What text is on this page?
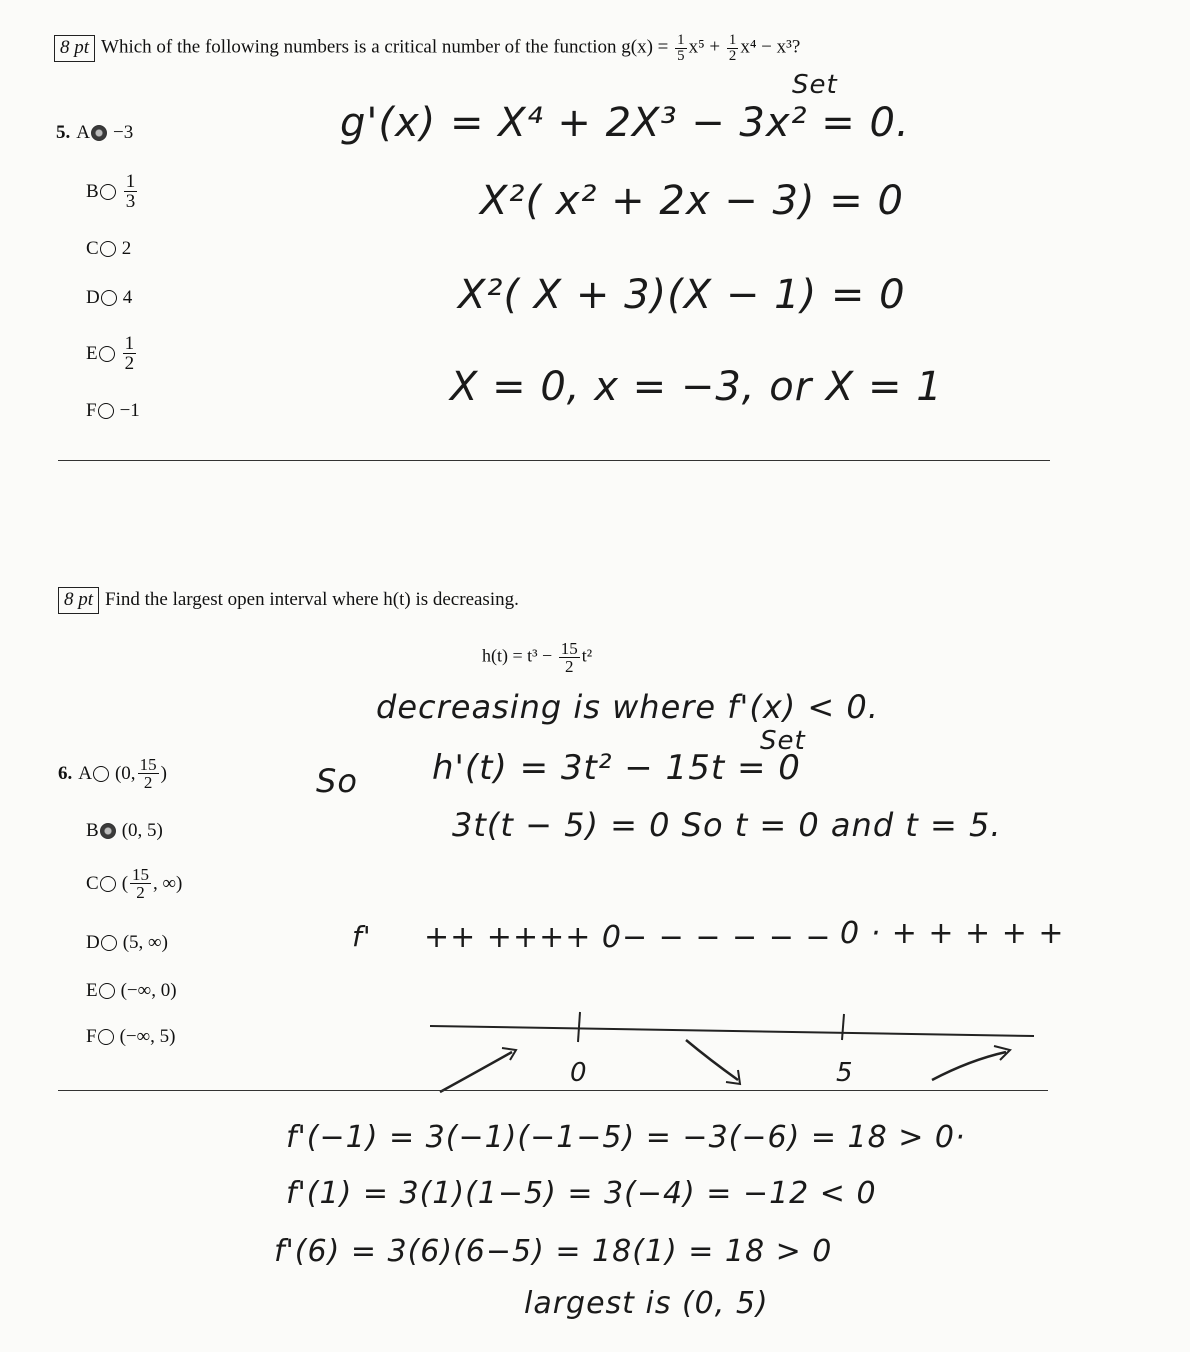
8 pt Which of the following numbers is a critical number of the function $g(x) = \frac{1}{5} x^5 + \frac{1}{2} x^4 - x^3$?
5. A −3
B $\frac{1}{3}$
C 2
D 4
E $\frac{1}{2}$
F −1
Set
g'(x) = X⁴ + 2X³ − 3x² = 0.
X²( x² + 2x − 3) = 0
X²( X + 3)(X − 1) = 0
X = 0, x = −3, or X = 1
8 pt Find the largest open interval where h(t) is decreasing.
$h(t) = t^3 - \frac{15}{2} t^2$
6. A (0, $\frac{15}{2}$ )
B (0, 5)
C ( $\frac{15}{2}$ , ∞)
D (5, ∞)
E (−∞, 0)
F (−∞, 5)
decreasing is where f'(x) < 0.
Set
So h'(t) = 3t² − 15t = 0
3t(t − 5) = 0 So t = 0 and t = 5.
f' ++ ++++ 0 − − − − − − 0 · + + + + +
0	5
f'(−1) = 3(−1)(−1−5) = −3(−6) = 18 > 0·
f'(1) = 3(1)(1−5) = 3(−4) = −12 < 0
f'(6) = 3(6)(6−5) = 18(1) = 18 > 0
largest is (0, 5)
